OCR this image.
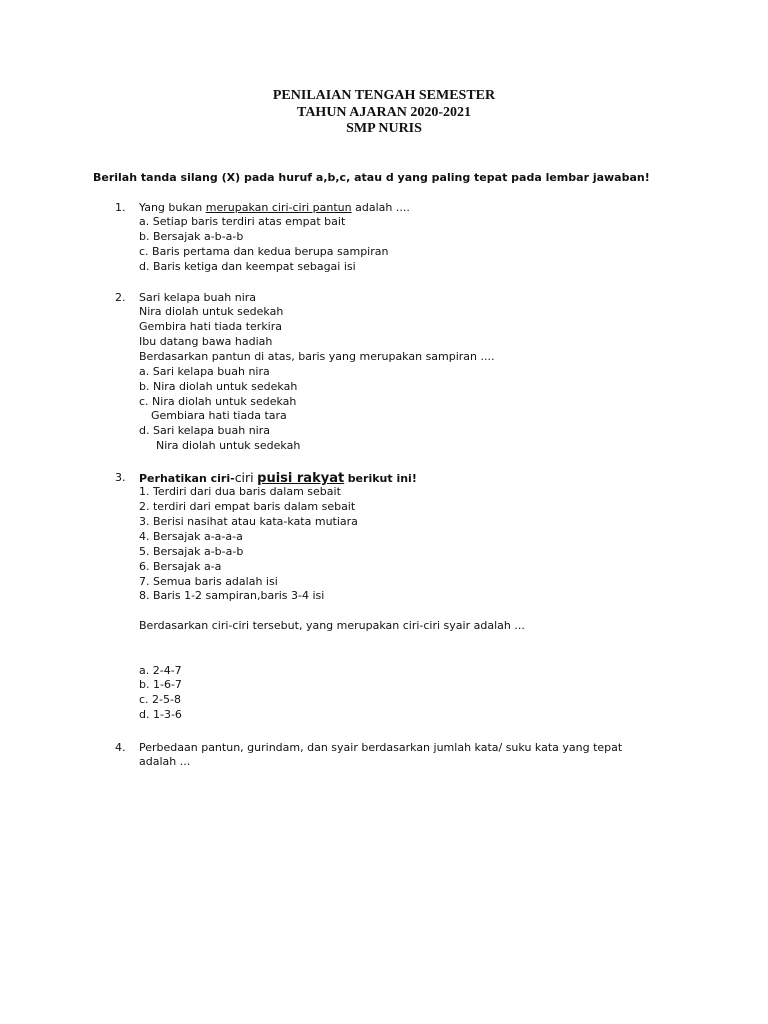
PENILAIAN TENGAH SEMESTER
TAHUN AJARAN 2020-2021
SMP NURIS
Berilah tanda silang (X) pada huruf a,b,c, atau d yang paling tepat pada lembar jawaban!
1. Yang bukan merupakan ciri-ciri pantun adalah ....
a. Setiap baris terdiri atas empat bait
b. Bersajak a-b-a-b
c. Baris pertama dan kedua berupa sampiran
d. Baris ketiga dan keempat sebagai isi
2. Sari kelapa buah nira
Nira diolah untuk sedekah
Gembira hati tiada terkira
Ibu datang bawa hadiah
Berdasarkan pantun di atas, baris yang merupakan sampiran ....
a. Sari kelapa buah nira
b. Nira diolah untuk sedekah
c. Nira diolah untuk sedekah
Gembiara hati tiada tara
d. Sari kelapa buah nira
Nira diolah untuk sedekah
3. Perhatikan ciri-ciri puisi rakyat berikut ini!
1. Terdiri dari dua baris dalam sebait
2. terdiri dari empat baris dalam sebait
3. Berisi nasihat atau kata-kata mutiara
4. Bersajak a-a-a-a
5. Bersajak a-b-a-b
6. Bersajak a-a
7. Semua baris adalah isi
8. Baris 1-2 sampiran,baris 3-4 isi
Berdasarkan ciri-ciri tersebut, yang merupakan ciri-ciri syair adalah ...
a. 2-4-7
b. 1-6-7
c. 2-5-8
d. 1-3-6
4. Perbedaan pantun, gurindam, dan syair berdasarkan jumlah kata/ suku kata yang tepat
adalah ...
